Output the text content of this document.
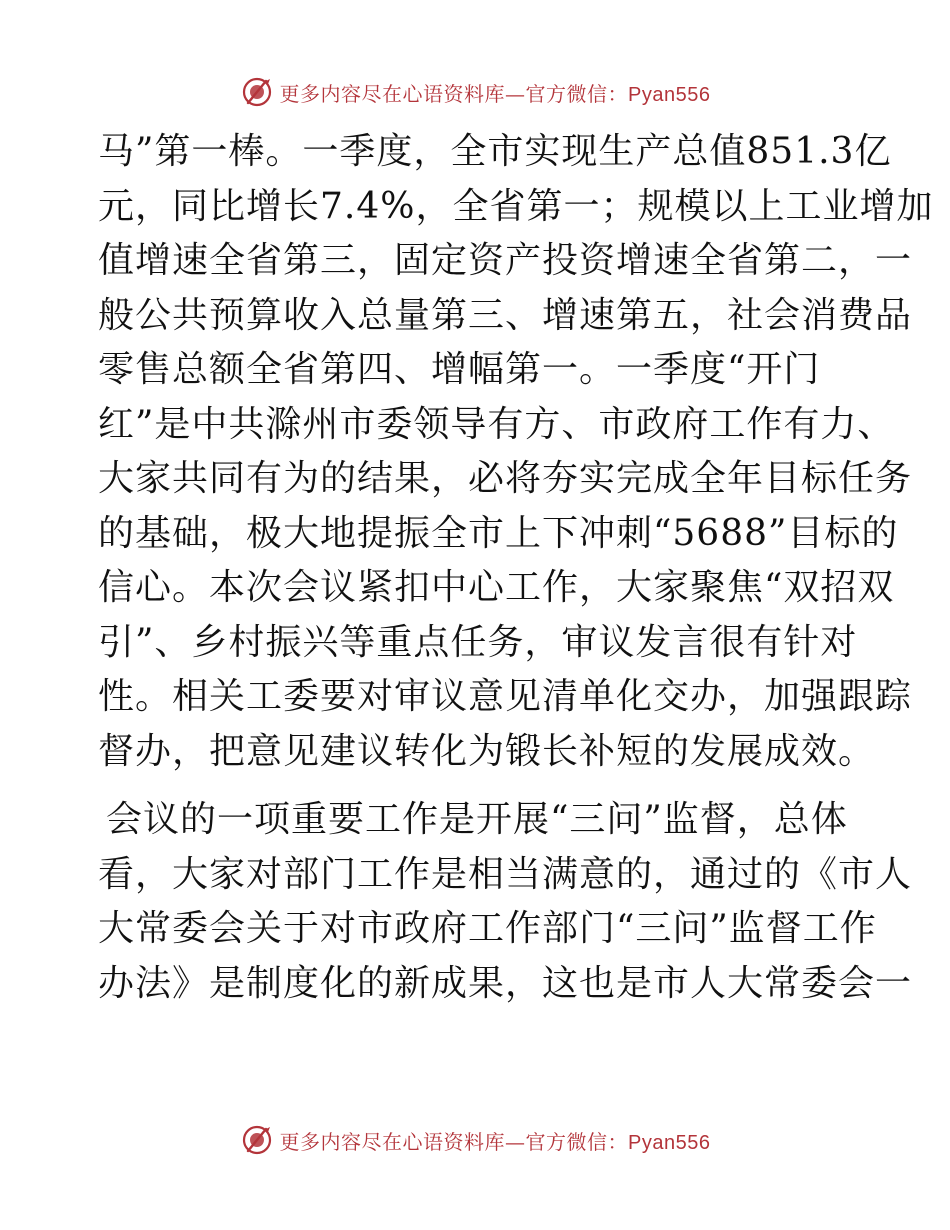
更多内容尽在心语资料库—官方微信：Pyan556

马”第一棒。一季度，全市实现生产总值851.3亿
元，同比增长7.4%，全省第一；规模以上工业增加
值增速全省第三，固定资产投资增速全省第二，一
般公共预算收入总量第三、增速第五，社会消费品
零售总额全省第四、增幅第一。一季度“开门
红”是中共滁州市委领导有方、市政府工作有力、
大家共同有为的结果，必将夯实完成全年目标任务
的基础，极大地提振全市上下冲刺“5688”目标的
信心。本次会议紧扣中心工作，大家聚焦“双招双
引”、乡村振兴等重点任务，审议发言很有针对
性。相关工委要对审议意见清单化交办，加强跟踪
督办，把意见建议转化为锻长补短的发展成效。

会议的一项重要工作是开展“三问”监督，总体
看，大家对部门工作是相当满意的，通过的《市人
大常委会关于对市政府工作部门“三问”监督工作
办法》是制度化的新成果，这也是市人大常委会一

更多内容尽在心语资料库—官方微信：Pyan556
